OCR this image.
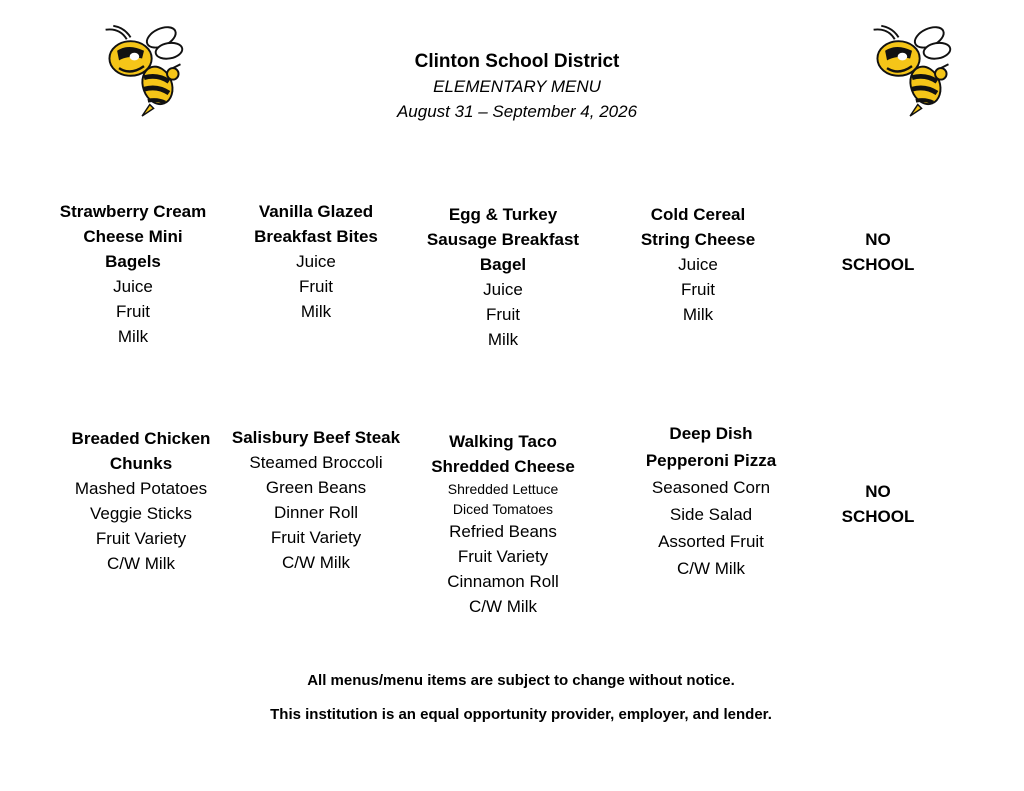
Clinton School District
ELEMENTARY MENU
August 31 – September 4, 2026
Strawberry Cream
Cheese Mini
Bagels
Juice
Fruit
Milk
Vanilla Glazed
Breakfast Bites
Juice
Fruit
Milk
Egg & Turkey
Sausage Breakfast
Bagel
Juice
Fruit
Milk
Cold Cereal
String Cheese
Juice
Fruit
Milk
NO
SCHOOL
Breaded Chicken
Chunks
Mashed Potatoes
Veggie Sticks
Fruit Variety
C/W Milk
Salisbury Beef Steak
Steamed Broccoli
Green Beans
Dinner Roll
Fruit Variety
C/W Milk
Walking Taco
Shredded Cheese
Shredded Lettuce
Diced Tomatoes
Refried Beans
Fruit Variety
Cinnamon Roll
C/W Milk
Deep Dish
Pepperoni Pizza
Seasoned Corn
Side Salad
Assorted Fruit
C/W Milk
NO
SCHOOL
All menus/menu items are subject to change without notice.
This institution is an equal opportunity provider, employer, and lender.
